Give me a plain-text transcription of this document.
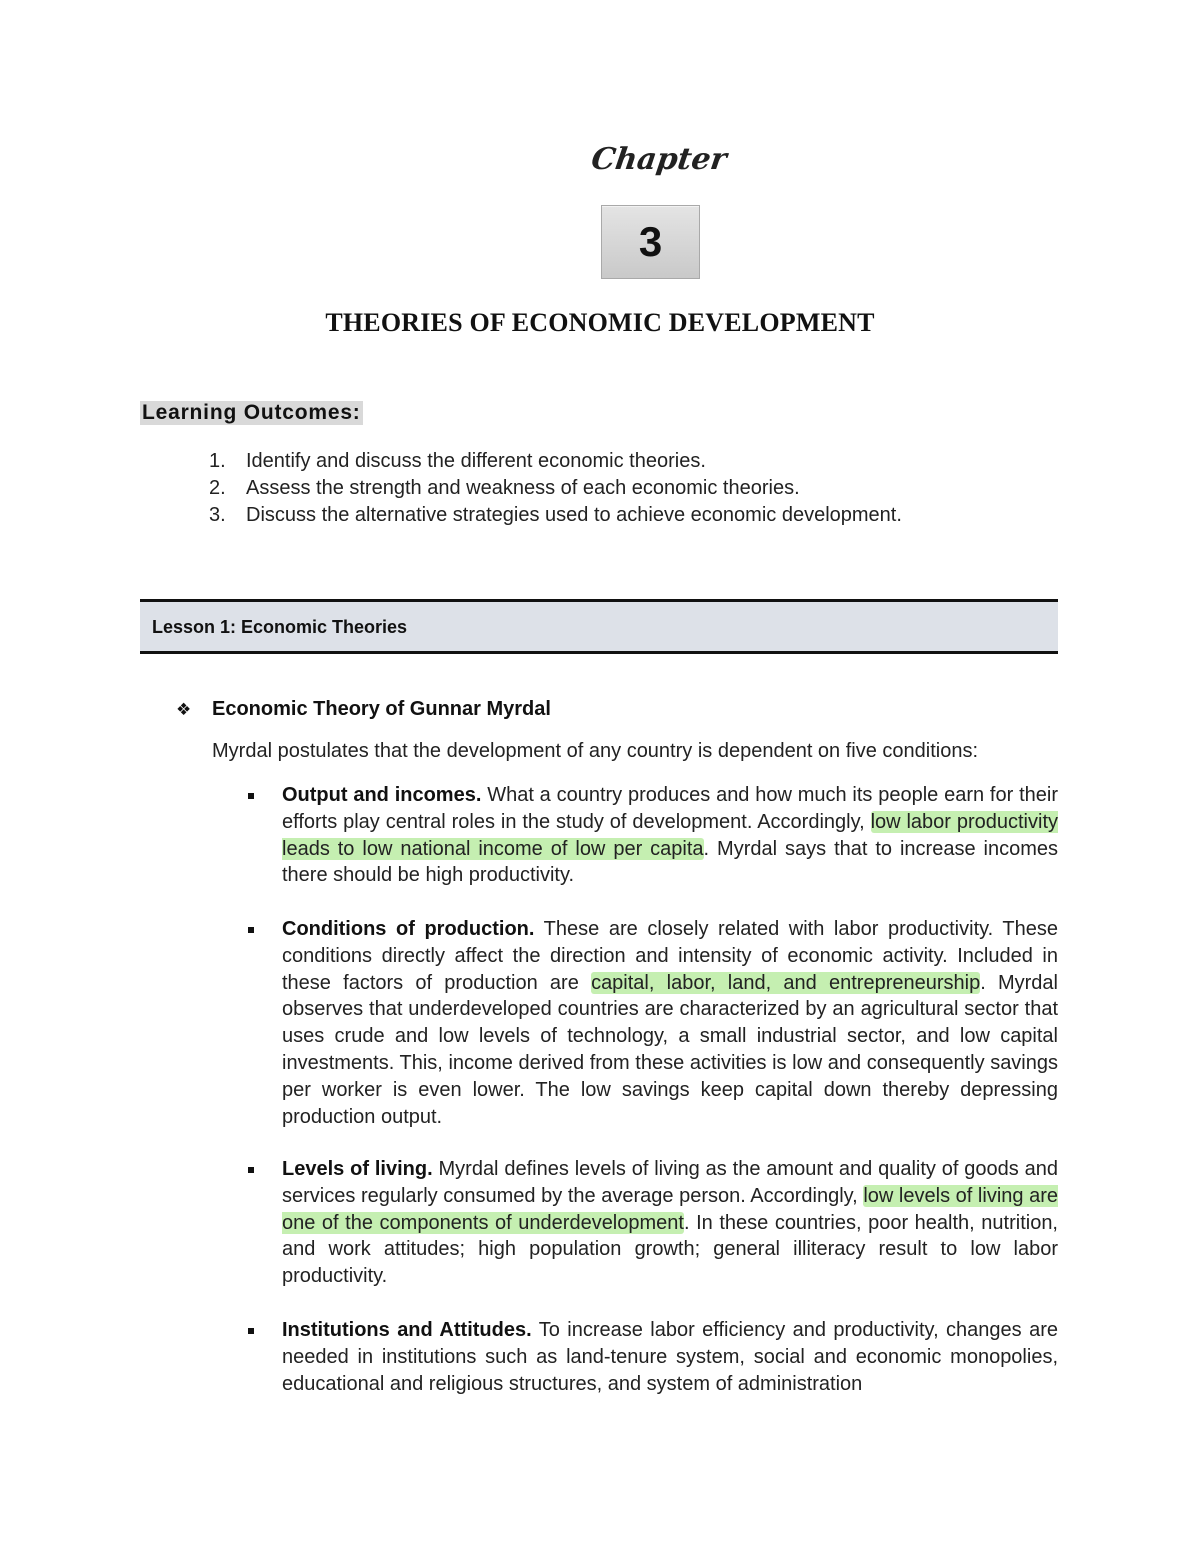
Chapter
3
THEORIES OF ECONOMIC DEVELOPMENT
Learning Outcomes:
1. Identify and discuss the different economic theories.
2. Assess the strength and weakness of each economic theories.
3. Discuss the alternative strategies used to achieve economic development.
Lesson 1: Economic Theories
❖ Economic Theory of Gunnar Myrdal
Myrdal postulates that the development of any country is dependent on five conditions:
Output and incomes. What a country produces and how much its people earn for their efforts play central roles in the study of development. Accordingly, low labor productivity leads to low national income of low per capita. Myrdal says that to increase incomes there should be high productivity.
Conditions of production. These are closely related with labor productivity. These conditions directly affect the direction and intensity of economic activity. Included in these factors of production are capital, labor, land, and entrepreneurship. Myrdal observes that underdeveloped countries are characterized by an agricultural sector that uses crude and low levels of technology, a small industrial sector, and low capital investments. This, income derived from these activities is low and consequently savings per worker is even lower. The low savings keep capital down thereby depressing production output.
Levels of living. Myrdal defines levels of living as the amount and quality of goods and services regularly consumed by the average person. Accordingly, low levels of living are one of the components of underdevelopment. In these countries, poor health, nutrition, and work attitudes; high population growth; general illiteracy result to low labor productivity.
Institutions and Attitudes. To increase labor efficiency and productivity, changes are needed in institutions such as land-tenure system, social and economic monopolies, educational and religious structures, and system of administration
